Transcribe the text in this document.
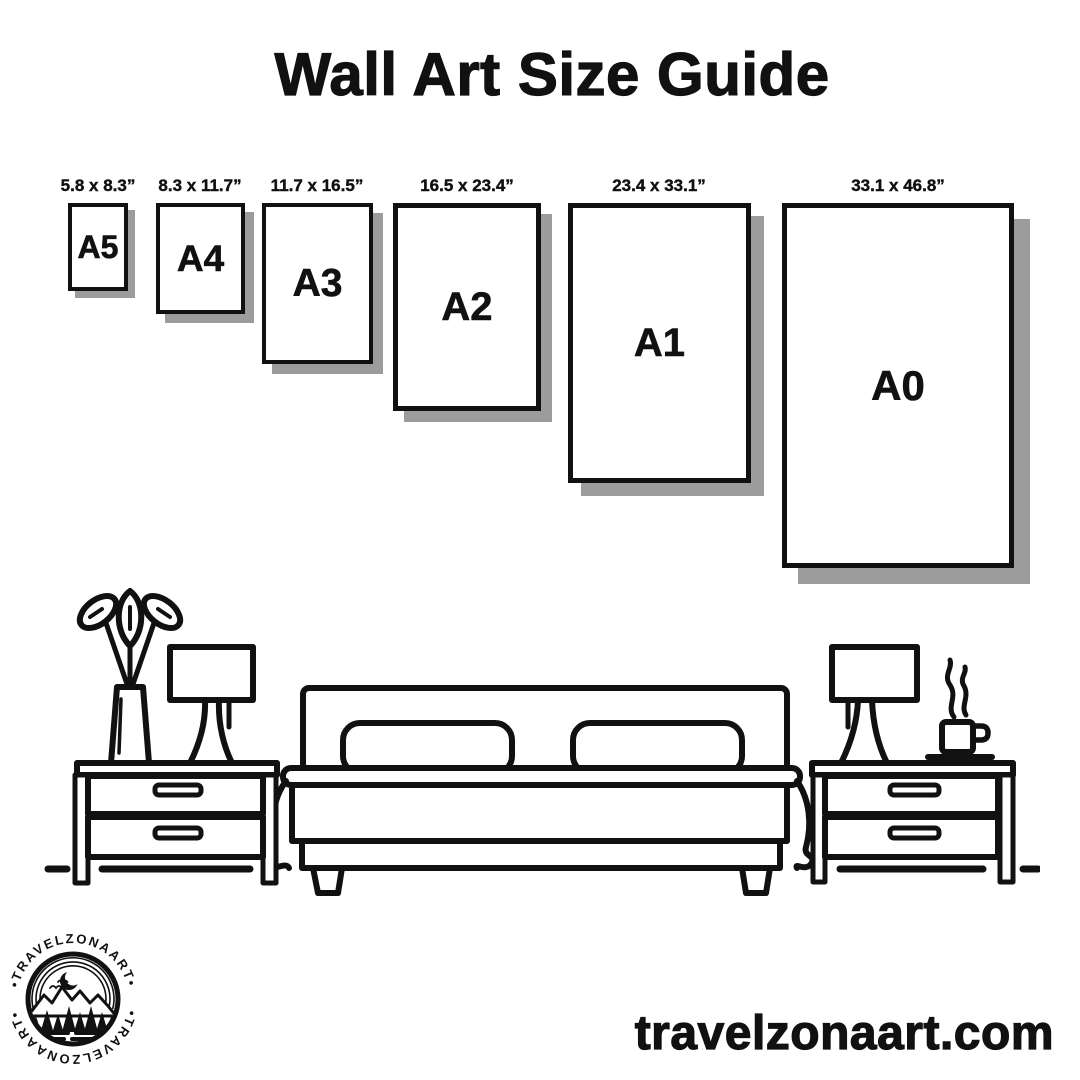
Wall Art Size Guide
5.8 x 8.3” 8.3 x 11.7” 11.7 x 16.5”	16.5 x 23.4”	23.4 x 33.1”	33.1 x 46.8”
A5 A4
A3
A2
A1
A0
•TRAVELZONAART•
•TRAVELZONAART•	travelzonaart.com
